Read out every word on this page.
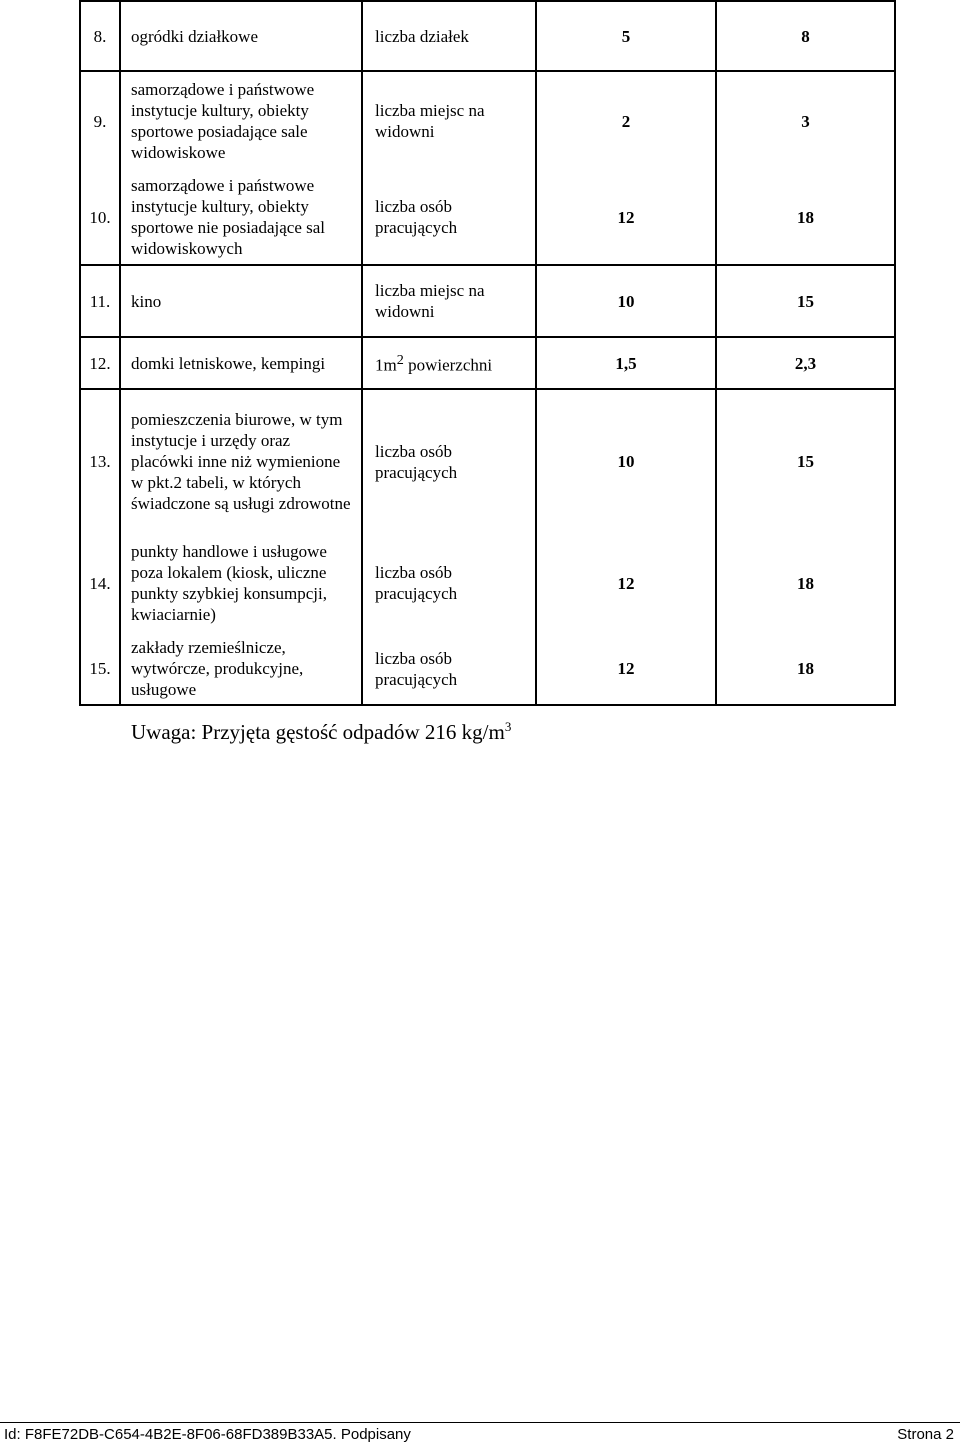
8.	ogródki działkowe	liczba działek	5	8
9.	samorządowe i państwowe instytucje kultury, obiekty sportowe posiadające sale widowiskowe	liczba miejsc na widowni	2	3
10.	samorządowe i państwowe instytucje kultury, obiekty sportowe nie posiadające sal widowiskowych	liczba osób pracujących	12	18
11.	kino	liczba miejsc na widowni	10	15
12.	domki letniskowe, kempingi	$1m^2$ powierzchni	1,5	2,3
13.	pomieszczenia biurowe, w tym instytucje i urzędy oraz placówki inne niż wymienione w pkt.2 tabeli, w których świadczone są usługi zdrowotne	liczba osób pracujących	10	15
14.	punkty handlowe i usługowe poza lokalem (kiosk, uliczne punkty szybkiej konsumpcji, kwiaciarnie)	liczba osób pracujących	12	18
15.	zakłady rzemieślnicze, wytwórcze, produkcyjne, usługowe	liczba osób pracujących	12	18

Uwaga: Przyjęta gęstość odpadów 216 $kg/m^3$

Id: F8FE72DB-C654-4B2E-8F06-68FD389B33A5. Podpisany	Strona 2
